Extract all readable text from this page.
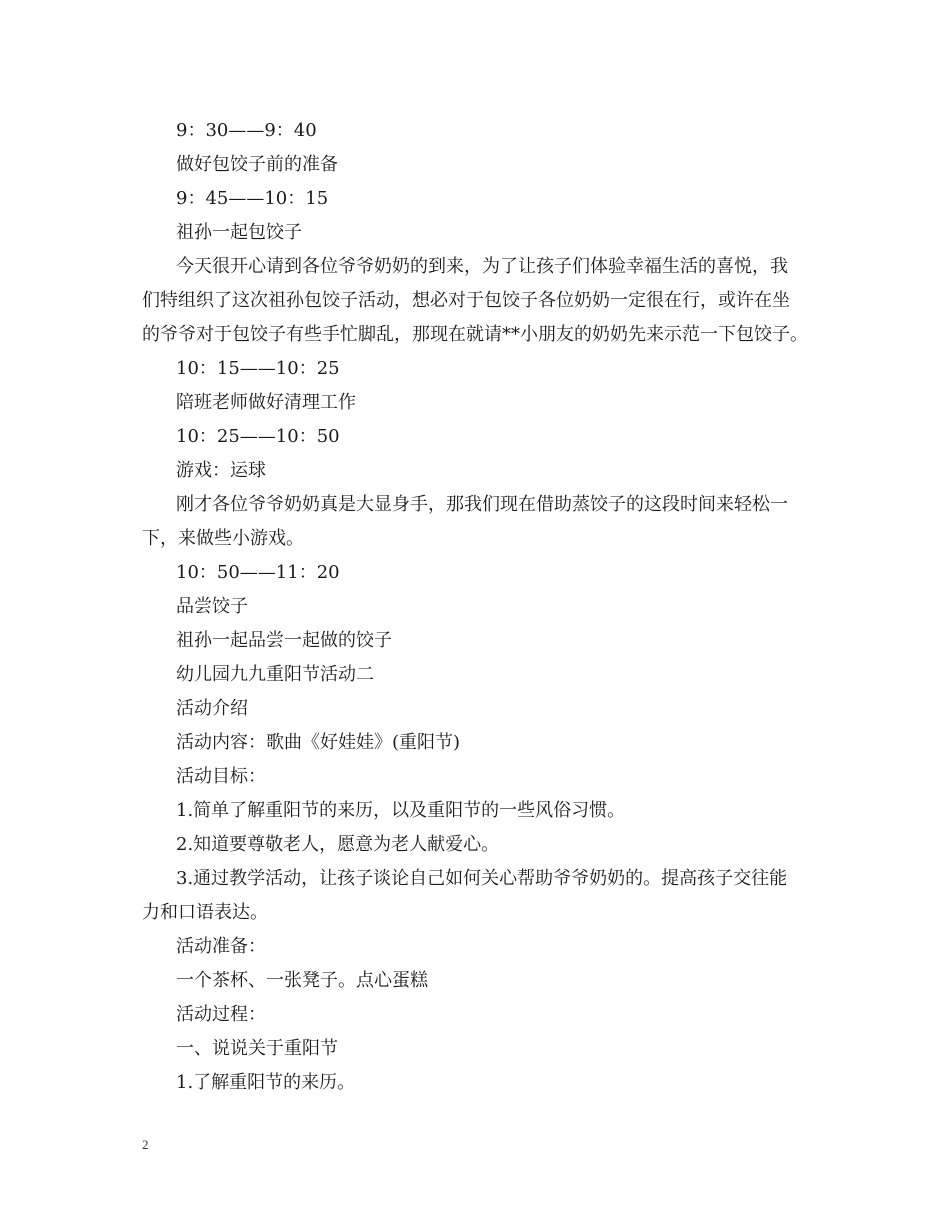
9：30——9：40
做好包饺子前的准备
9：45——10：15
祖孙一起包饺子
今天很开心请到各位爷爷奶奶的到来，为了让孩子们体验幸福生活的喜悦，我
们特组织了这次祖孙包饺子活动，想必对于包饺子各位奶奶一定很在行，或许在坐
的爷爷对于包饺子有些手忙脚乱，那现在就请**小朋友的奶奶先来示范一下包饺子。
10：15——10：25
陪班老师做好清理工作
10：25——10：50
游戏：运球
刚才各位爷爷奶奶真是大显身手，那我们现在借助蒸饺子的这段时间来轻松一
下，来做些小游戏。
10：50——11：20
品尝饺子
祖孙一起品尝一起做的饺子
幼儿园九九重阳节活动二
活动介绍
活动内容：歌曲《好娃娃》(重阳节)
活动目标：
1.简单了解重阳节的来历，以及重阳节的一些风俗习惯。
2.知道要尊敬老人，愿意为老人献爱心。
3.通过教学活动，让孩子谈论自己如何关心帮助爷爷奶奶的。提高孩子交往能
力和口语表达。
活动准备：
一个茶杯、一张凳子。点心蛋糕
活动过程：
一、说说关于重阳节
1.了解重阳节的来历。
2
